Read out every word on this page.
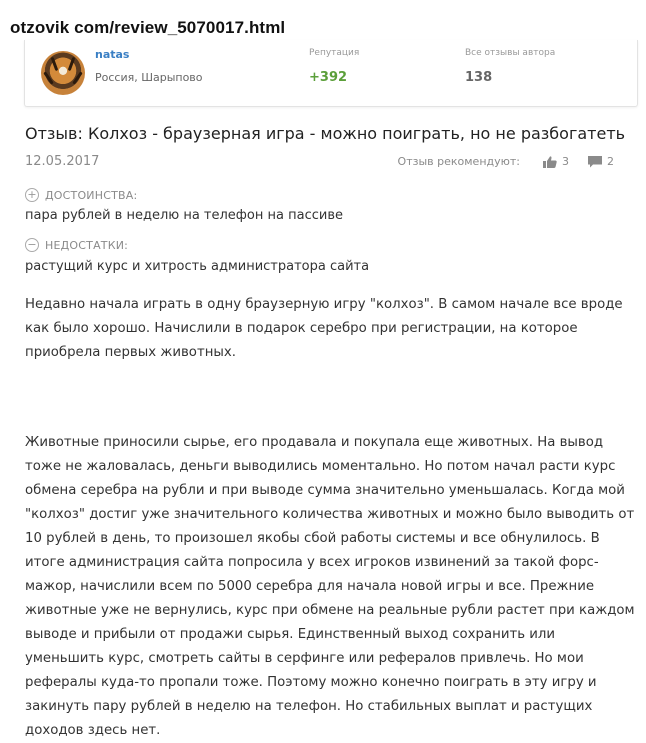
otzovik com/review_5070017.html
natas
Россия, Шарыпово
Репутация
+392
Все отзывы автора
138
Отзыв: Колхоз - браузерная игра - можно поиграть, но не разбогатеть
12.05.2017	Отзыв рекомендуют:	3	2
+ ДОСТОИНСТВА:
пара рублей в неделю на телефон на пассиве
− НЕДОСТАТКИ:
растущий курс и хитрость администратора сайта

Недавно начала играть в одну браузерную игру "колхоз". В самом начале все вроде как было хорошо. Начислили в подарок серебро при регистрации, на которое приобрела первых животных.

Животные приносили сырье, его продавала и покупала еще животных. На вывод тоже не жаловалась, деньги выводились моментально. Но потом начал расти курс обмена серебра на рубли и при выводе сумма значительно уменьшалась. Когда мой "колхоз" достиг уже значительного количества животных и можно было выводить от 10 рублей в день, то произошел якобы сбой работы системы и все обнулилось. В итоге администрация сайта попросила у всех игроков извинений за такой форс-мажор, начислили всем по 5000 серебра для начала новой игры и все. Прежние животные уже не вернулись, курс при обмене на реальные рубли растет при каждом выводе и прибыли от продажи сырья. Единственный выход сохранить или уменьшить курс, смотреть сайты в серфинге или рефералов привлечь. Но мои рефералы куда-то пропали тоже. Поэтому можно конечно поиграть в эту игру и закинуть пару рублей в неделю на телефон. Но стабильных выплат и растущих доходов здесь нет.
